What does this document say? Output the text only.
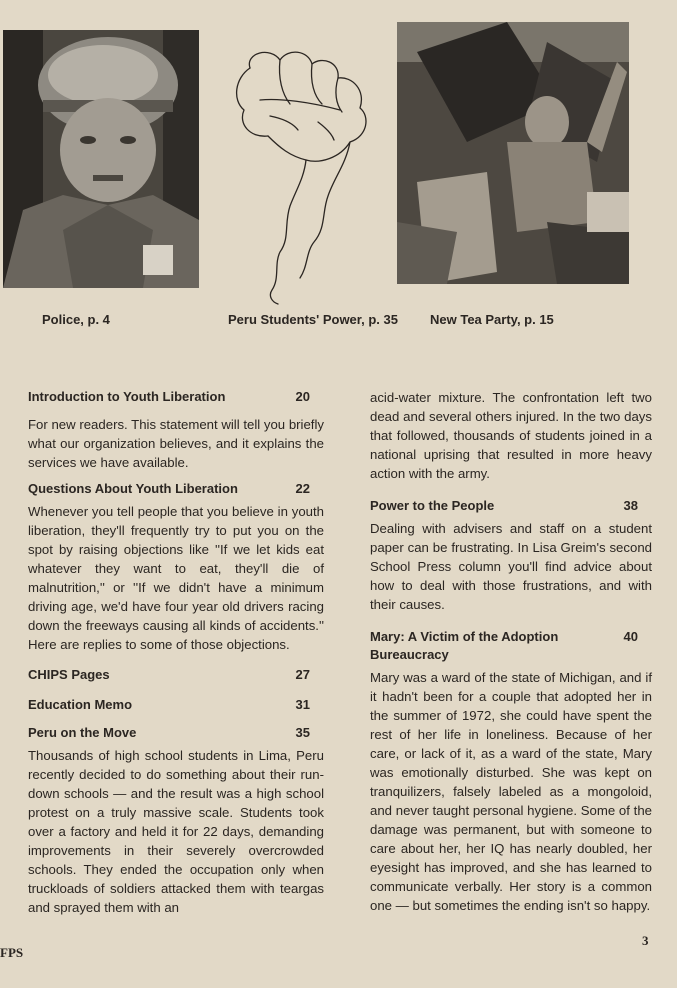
Police, p. 4	Peru Students' Power, p. 35 New Tea Party, p. 15
Introduction to Youth Liberation	20

For new readers. This statement will tell you briefly what our organization believes, and it explains the services we have available.

Questions About Youth Liberation	22

Whenever you tell people that you believe in youth liberation, they'll frequently try to put you on the spot by raising objections like ''If we let kids eat whatever they want to eat, they'll die of malnutrition,'' or ''If we didn't have a minimum driving age, we'd have four year old drivers racing down the freeways causing all kinds of accidents.'' Here are replies to some of those objections.

CHIPS Pages	27
Education Memo	31
Peru on the Move	35

Thousands of high school students in Lima, Peru recently decided to do something about their run-down schools — and the result was a high school protest on a truly massive scale. Students took over a factory and held it for 22 days, demanding improvements in their severely overcrowded schools. They ended the occupation only when truckloads of soldiers attacked them with teargas and sprayed them with an

acid-water mixture. The confrontation left two dead and several others injured. In the two days that followed, thousands of students joined in a national uprising that resulted in more heavy action with the army.

Power to the People	38

Dealing with advisers and staff on a student paper can be frustrating. In Lisa Greim's second School Press column you'll find advice about how to deal with those frustrations, and with their causes.

Mary: A Victim of the Adoption Bureaucracy
40

Mary was a ward of the state of Michigan, and if it hadn't been for a couple that adopted her in the summer of 1972, she could have spent the rest of her life in loneliness. Because of her care, or lack of it, as a ward of the state, Mary was emotionally disturbed. She was kept on tranquilizers, falsely labeled as a mongoloid, and never taught personal hygiene. Some of the damage was permanent, but with someone to care about her, her IQ has nearly doubled, her eyesight has improved, and she has learned to communicate verbally. Her story is a common one — but sometimes the ending isn't so happy.

FPS
3
